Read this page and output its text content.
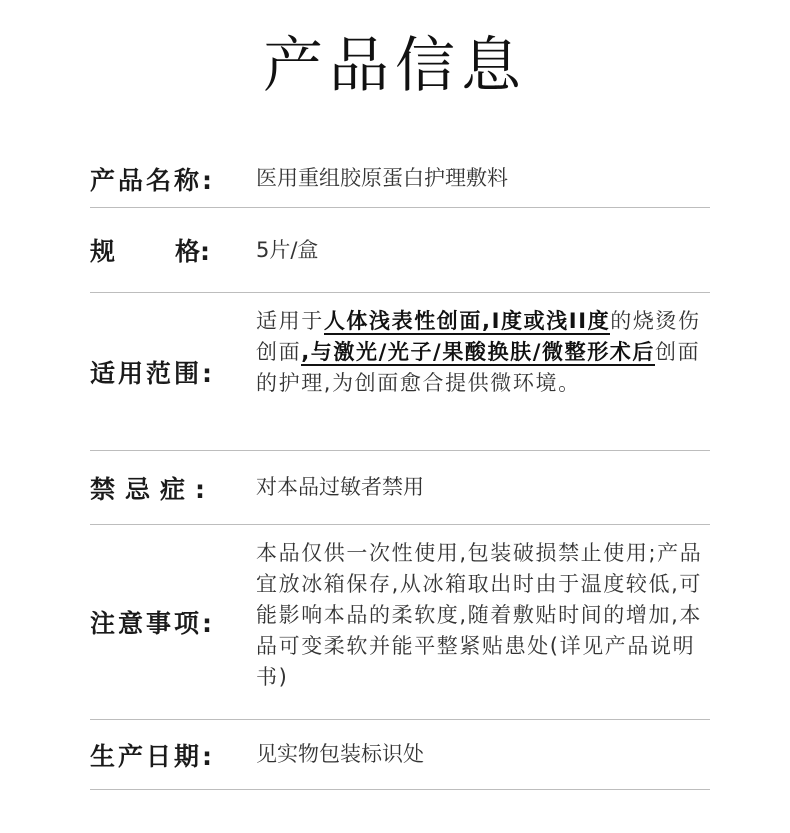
产品信息
产品名称:	医用重组胶原蛋白护理敷料
规 格: 5片/盒
适用范围:
适用于人体浅表性创面,I度或浅II度的烧烫伤创面,与激光/光子/果酸换肤/微整形术后创面的护理,为创面愈合提供微环境。
禁忌症:	对本品过敏者禁用
注意事项:
本品仅供一次性使用,包装破损禁止使用;产品宜放冰箱保存,从冰箱取出时由于温度较低,可能影响本品的柔软度,随着敷贴时间的增加,本品可变柔软并能平整紧贴患处(详见产品说明书)
生产日期:	见实物包装标识处
